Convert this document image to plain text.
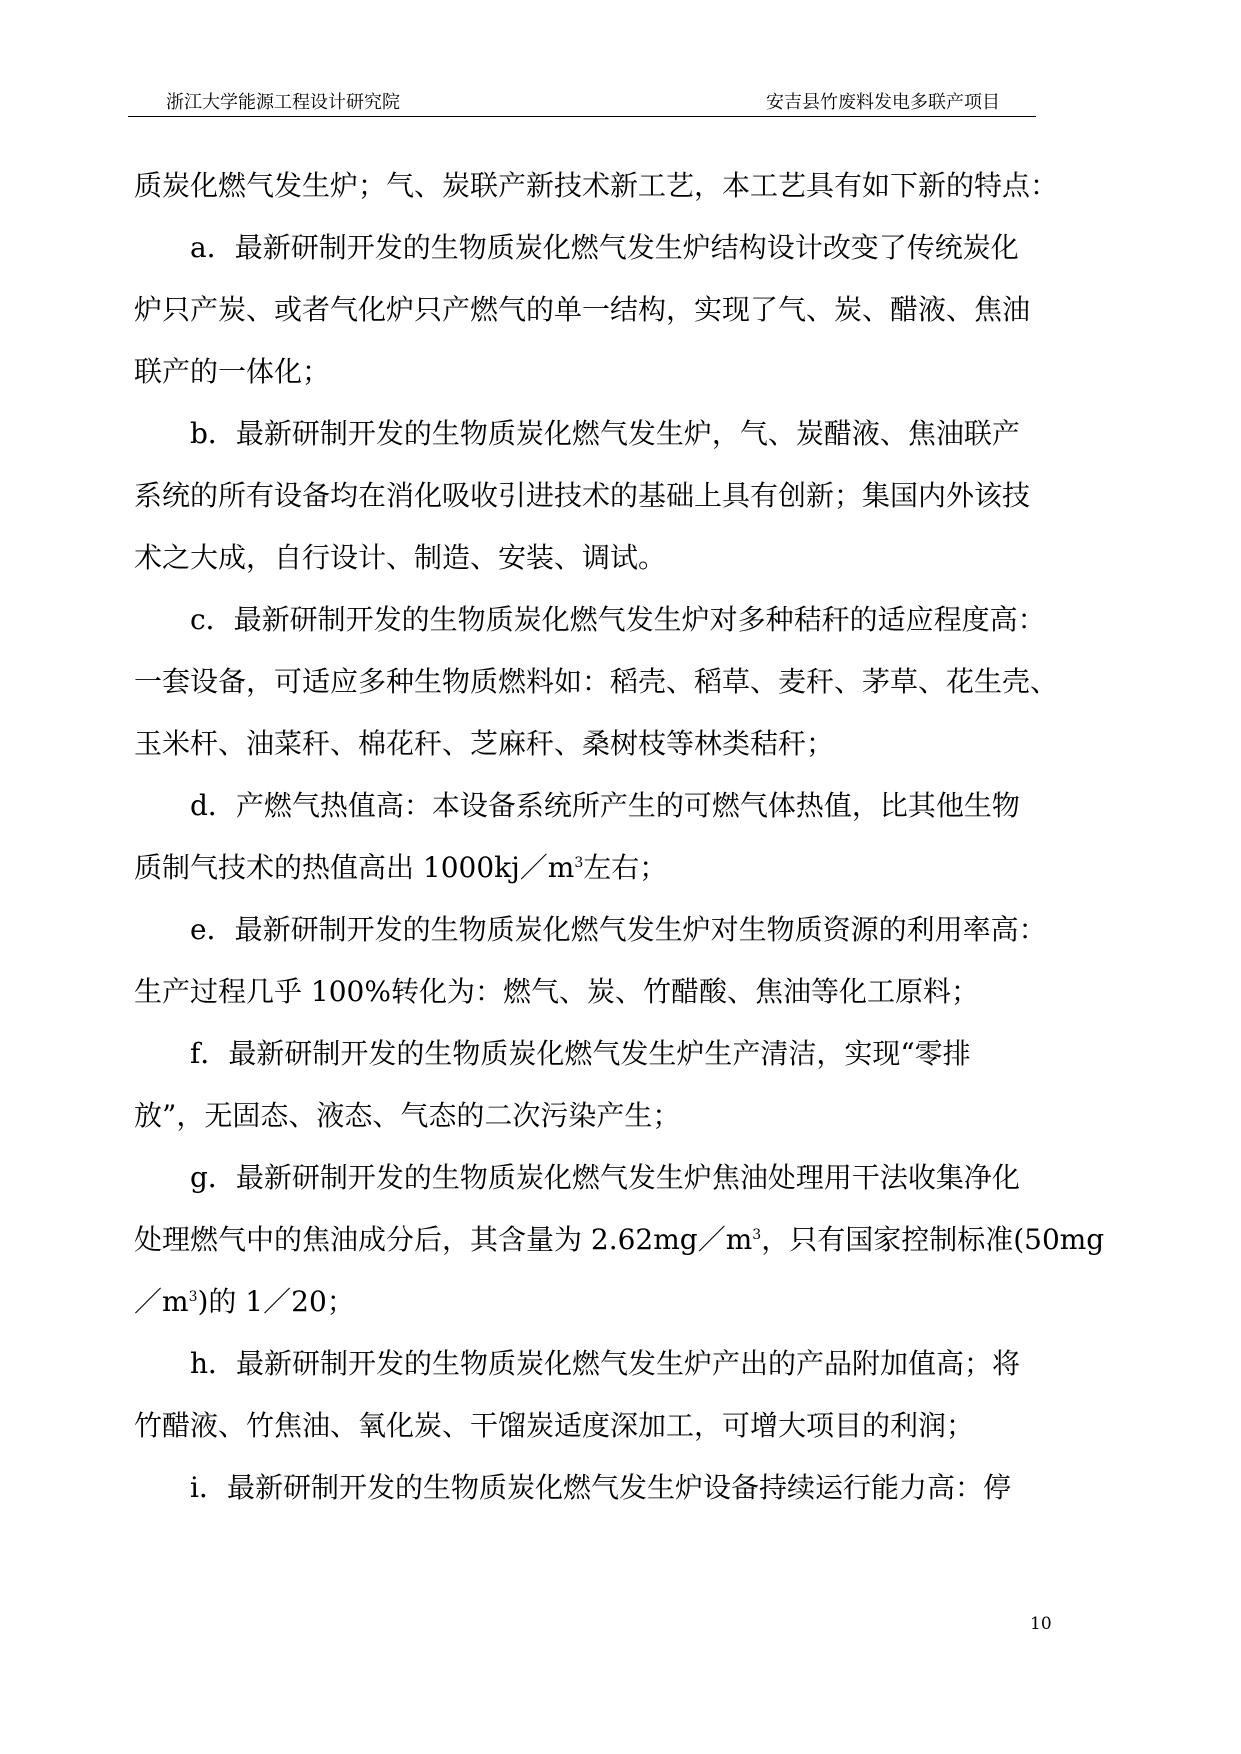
浙江大学能源工程设计研究院	安吉县竹废料发电多联产项目
质炭化燃气发生炉；气、炭联产新技术新工艺，本工艺具有如下新的特点：
a．最新研制开发的生物质炭化燃气发生炉结构设计改变了传统炭化
炉只产炭、或者气化炉只产燃气的单一结构，实现了气、炭、醋液、焦油
联产的一体化；
b．最新研制开发的生物质炭化燃气发生炉，气、炭醋液、焦油联产
系统的所有设备均在消化吸收引进技术的基础上具有创新；集国内外该技
术之大成，自行设计、制造、安装、调试。
c．最新研制开发的生物质炭化燃气发生炉对多种秸秆的适应程度高：
一套设备，可适应多种生物质燃料如：稻壳、稻草、麦秆、茅草、花生壳、
玉米杆、油菜秆、棉花秆、芝麻秆、桑树枝等林类秸秆；
d．产燃气热值高：本设备系统所产生的可燃气体热值，比其他生物
质制气技术的热值高出 $1000kj/m^3$左右；
e．最新研制开发的生物质炭化燃气发生炉对生物质资源的利用率高：
生产过程几乎 100%转化为：燃气、炭、竹醋酸、焦油等化工原料；
f．最新研制开发的生物质炭化燃气发生炉生产清洁，实现“零排
放”，无固态、液态、气态的二次污染产生；
g．最新研制开发的生物质炭化燃气发生炉焦油处理用干法收集净化
处理燃气中的焦油成分后，其含量为 $2.62mg/m^3$，只有国家控制标准(50mg
$/m^3$)的 1／20；
h．最新研制开发的生物质炭化燃气发生炉产出的产品附加值高；将
竹醋液、竹焦油、氧化炭、干馏炭适度深加工，可增大项目的利润；
i．最新研制开发的生物质炭化燃气发生炉设备持续运行能力高：停
10
